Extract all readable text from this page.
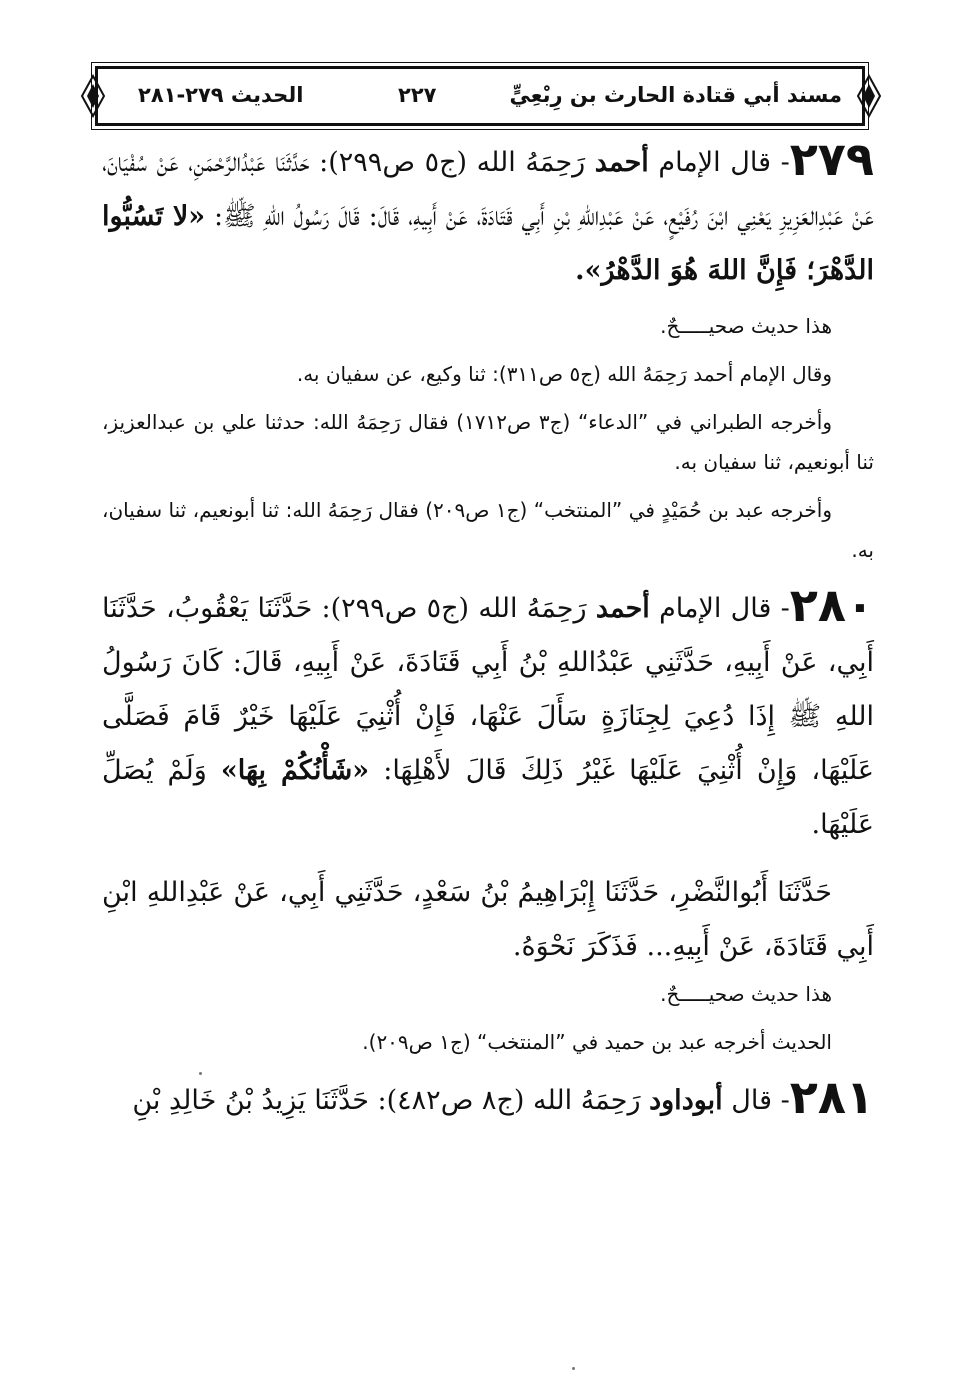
مسند أبي قتادة الحارث بن رِبْعِيٍّ
٢٢٧
الحديث ٢٧٩-٢٨١

٢٧٩- قال الإمام أحمد رَحِمَهُ الله (ج٥ ص٢٩٩): حَدَّثَنَا عَبْدُالرَّحْمَنِ، عَنْ سُفْيَانَ، عَنْ عَبْدِالعَزِيزِ يَعْنِي ابْنَ رُفَيْعٍ، عَنْ عَبْدِاللهِ بْنِ أَبِي قَتَادَةَ، عَنْ أَبِيهِ، قَالَ: قَالَ رَسُولُ اللهِ ﷺ: «لا تَسُبُّوا الدَّهْرَ؛ فَإِنَّ اللهَ هُوَ الدَّهْرُ».

هذا حديث صحيـــــحٌ.

وقال الإمام أحمد رَحِمَهُ الله (ج٥ ص٣١١): ثنا وكيع، عن سفيان به.

وأخرجه الطبراني في ”الدعاء“ (ج٣ ص١٧١٢) فقال رَحِمَهُ الله: حدثنا علي بن عبدالعزيز، ثنا أبونعيم، ثنا سفيان به.

وأخرجه عبد بن حُمَيْدٍ في ”المنتخب“ (ج١ ص٢٠٩) فقال رَحِمَهُ الله: ثنا أبونعيم، ثنا سفيان، به.

٢٨٠- قال الإمام أحمد رَحِمَهُ الله (ج٥ ص٢٩٩): حَدَّثَنَا يَعْقُوبُ، حَدَّثَنَا أَبِي، عَنْ أَبِيهِ، حَدَّثَنِي عَبْدُاللهِ بْنُ أَبِي قَتَادَةَ، عَنْ أَبِيهِ، قَالَ: كَانَ رَسُولُ اللهِ ﷺ إِذَا دُعِيَ لِجِنَازَةٍ سَأَلَ عَنْهَا، فَإِنْ أُثْنِيَ عَلَيْهَا خَيْرٌ قَامَ فَصَلَّى عَلَيْهَا، وَإِنْ أُثْنِيَ عَلَيْهَا غَيْرُ ذَلِكَ قَالَ لأَهْلِهَا: «شَأْنُكُمْ بِهَا» وَلَمْ يُصَلِّ عَلَيْهَا.

حَدَّثَنَا أَبُوالنَّضْرِ، حَدَّثَنَا إِبْرَاهِيمُ بْنُ سَعْدٍ، حَدَّثَنِي أَبِي، عَنْ عَبْدِاللهِ ابْنِ أَبِي قَتَادَةَ، عَنْ أَبِيهِ... فَذَكَرَ نَحْوَهُ.

هذا حديث صحيـــــحٌ.

الحديث أخرجه عبد بن حميد في ”المنتخب“ (ج١ ص٢٠٩).

٢٨١- قال أبوداود رَحِمَهُ الله (ج٨ ص٤٨٢): حَدَّثَنَا يَزِيدُ بْنُ خَالِدِ بْنِ
